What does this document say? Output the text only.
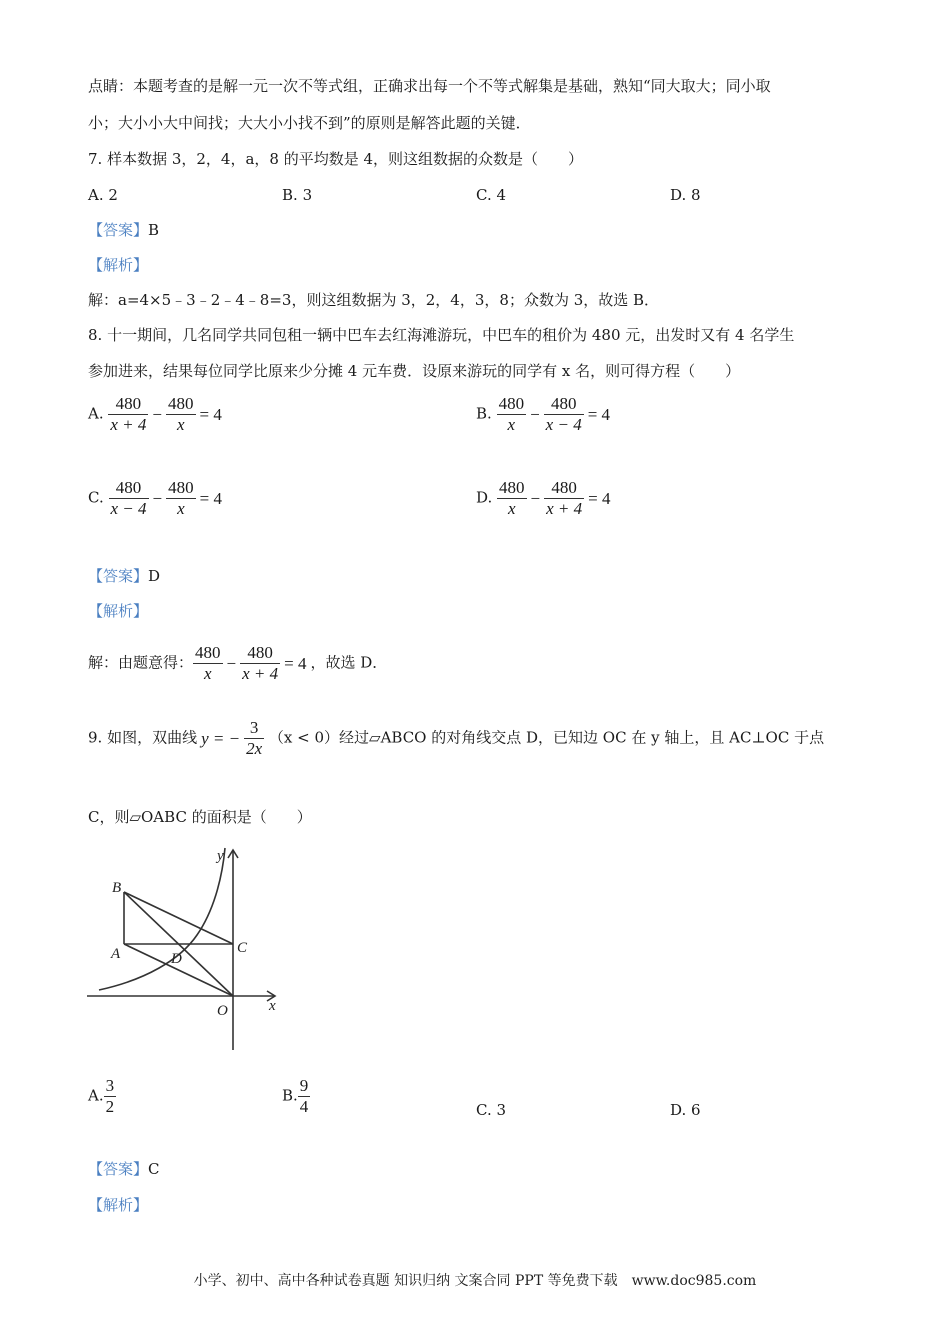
点睛：本题考查的是解一元一次不等式组，正确求出每一个不等式解集是基础，熟知“同大取大；同小取
小；大小小大中间找；大大小小找不到”的原则是解答此题的关键．
7. 样本数据 3，2，4，a，8 的平均数是 4，则这组数据的众数是（　　）
A. 2	B. 3	C. 4	D. 8
【答案】B
【解析】
解：a=4×5﹣3﹣2﹣4﹣8=3，则这组数据为 3，2，4，3，8；众数为 3，故选 B．
8. 十一期间，几名同学共同包租一辆中巴车去红海滩游玩，中巴车的租价为 480 元，出发时又有 4 名学生
参加进来，结果每位同学比原来少分摊 4 元车费．设原来游玩的同学有 x 名，则可得方程（　　）
A. $\frac{480}{x + 4} - \frac{480}{x} = 4$	B. $\frac{480}{x} - \frac{480}{x - 4} = 4$
C. $\frac{480}{x - 4} - \frac{480}{x} = 4$	D. $\frac{480}{x} - \frac{480}{x + 4} = 4$
【答案】D
【解析】
解：由题意得： $\frac{480}{x} - \frac{480}{x + 4} = 4$ ，故选 D．
9. 如图，双曲线 y = − $\frac{3}{2x} (x < 0)$经过▱ABCO 的对角线交点 D，已知边 OC 在 y 轴上，且 AC⊥OC 于点
C，则▱OABC 的面积是（　　）
B
A	D
C
O	x
y
A. $\frac{3}{2}$	B. $\frac{9}{4}$	C. 3	D. 6
【答案】C
【解析】
小学、初中、高中各种试卷真题 知识归纳 文案合同 PPT 等免费下载　www.doc985.com
